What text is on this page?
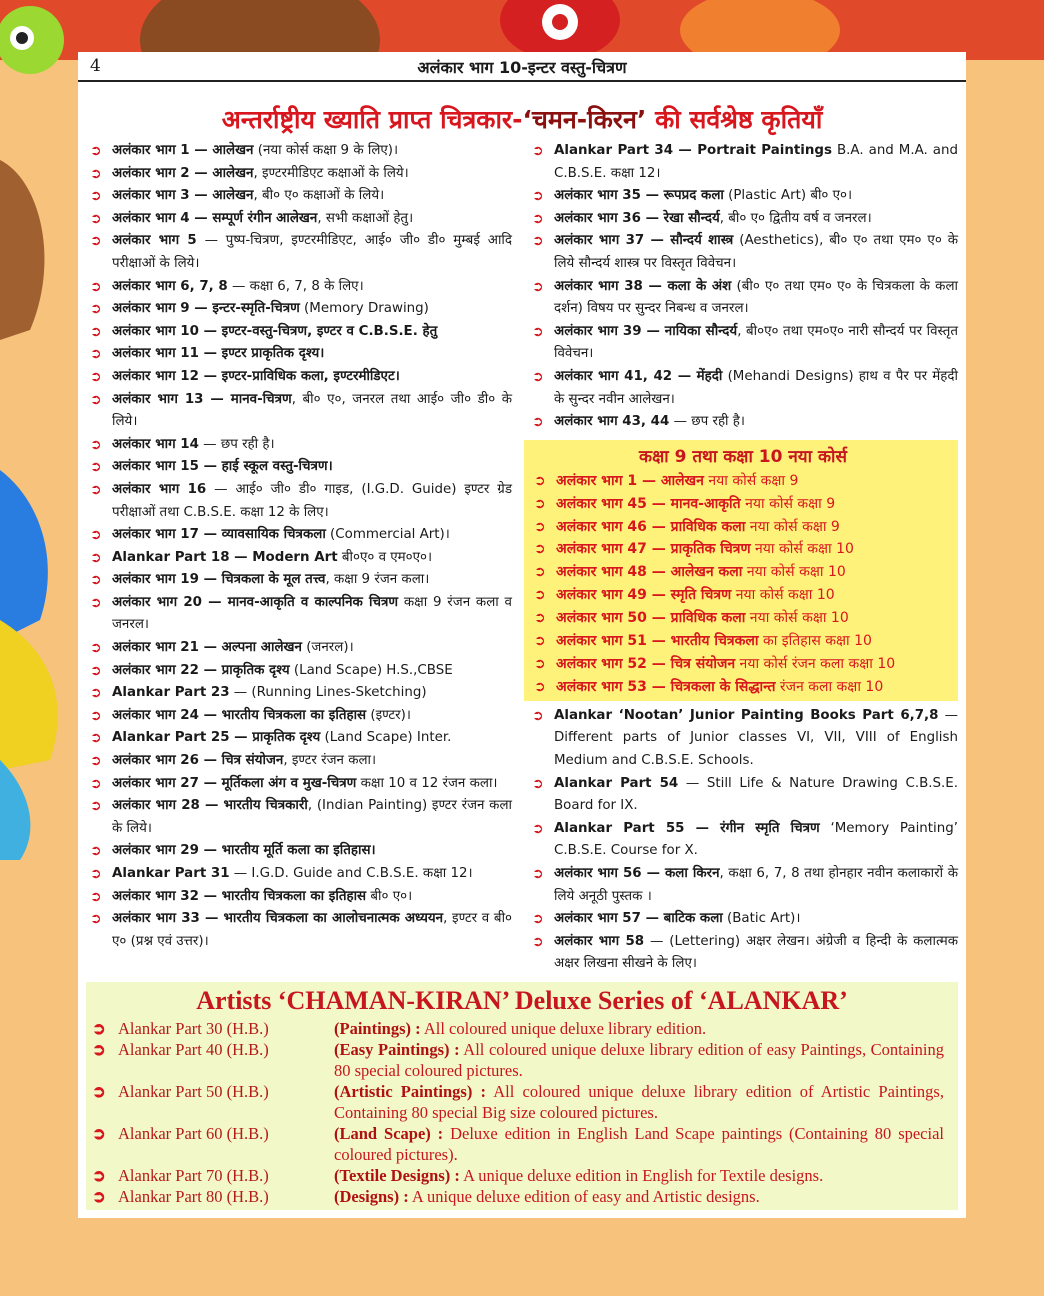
4	अलंकार भाग 10-इन्टर वस्तु-चित्रण
अन्तर्राष्ट्रीय ख्याति प्राप्त चित्रकार-‘चमन-किरन’ की सर्वश्रेष्ठ कृतियाँ
➲ अलंकार भाग 1 — आलेखन (नया कोर्स कक्षा 9 के लिए)।
➲ अलंकार भाग 2 — आलेखन, इण्टरमीडिएट कक्षाओं के लिये।
➲ अलंकार भाग 3 — आलेखन, बी० ए० कक्षाओं के लिये।
➲ अलंकार भाग 4 — सम्पूर्ण रंगीन आलेखन, सभी कक्षाओं हेतु।
➲ अलंकार भाग 5 — पुष्प-चित्रण, इण्टरमीडिएट, आई० जी० डी० मुम्बई आदि परीक्षाओं के लिये।
➲ अलंकार भाग 6, 7, 8 — कक्षा 6, 7, 8 के लिए।
➲ अलंकार भाग 9 — इन्टर-स्मृति-चित्रण (Memory Drawing)
➲ अलंकार भाग 10 — इण्टर-वस्तु-चित्रण, इण्टर व C.B.S.E. हेतु
➲ अलंकार भाग 11 — इण्टर प्राकृतिक दृश्य।
➲ अलंकार भाग 12 — इण्टर-प्राविधिक कला, इण्टरमीडिएट।
➲ अलंकार भाग 13 — मानव-चित्रण, बी० ए०, जनरल तथा आई० जी० डी० के लिये।
➲ अलंकार भाग 14 — छप रही है।
➲ अलंकार भाग 15 — हाई स्कूल वस्तु-चित्रण।
➲ अलंकार भाग 16 — आई० जी० डी० गाइड, (I.G.D. Guide) इण्टर ग्रेड परीक्षाओं तथा C.B.S.E. कक्षा 12 के लिए।
➲ अलंकार भाग 17 — व्यावसायिक चित्रकला (Commercial Art)।
➲ Alankar Part 18 — Modern Art बी०ए० व एम०ए०।
➲ अलंकार भाग 19 — चित्रकला के मूल तत्त्व, कक्षा 9 रंजन कला।
➲ अलंकार भाग 20 — मानव-आकृति व काल्पनिक चित्रण कक्षा 9 रंजन कला व जनरल।
➲ अलंकार भाग 21 — अल्पना आलेखन (जनरल)।
➲ अलंकार भाग 22 — प्राकृतिक दृश्य (Land Scape) H.S.,CBSE
➲ Alankar Part 23 — (Running Lines-Sketching)
➲ अलंकार भाग 24 — भारतीय चित्रकला का इतिहास (इण्टर)।
➲ Alankar Part 25 — प्राकृतिक दृश्य (Land Scape) Inter.
➲ अलंकार भाग 26 — चित्र संयोजन, इण्टर रंजन कला।
➲ अलंकार भाग 27 — मूर्तिकला अंग व मुख-चित्रण कक्षा 10 व 12 रंजन कला।
➲ अलंकार भाग 28 — भारतीय चित्रकारी, (Indian Painting) इण्टर रंजन कला के लिये।
➲ अलंकार भाग 29 — भारतीय मूर्ति कला का इतिहास।
➲ Alankar Part 31 — I.G.D. Guide and C.B.S.E. कक्षा 12।
➲ अलंकार भाग 32 — भारतीय चित्रकला का इतिहास बी० ए०।
➲ अलंकार भाग 33 — भारतीय चित्रकला का आलोचनात्मक अध्ययन, इण्टर व बी० ए० (प्रश्न एवं उत्तर)।
➲ Alankar Part 34 — Portrait Paintings B.A. and M.A. and C.B.S.E. कक्षा 12।
➲ अलंकार भाग 35 — रूपप्रद कला (Plastic Art) बी० ए०।
➲ अलंकार भाग 36 — रेखा सौन्दर्य, बी० ए० द्वितीय वर्ष व जनरल।
➲ अलंकार भाग 37 — सौन्दर्य शास्त्र (Aesthetics), बी० ए० तथा एम० ए० के लिये सौन्दर्य शास्त्र पर विस्तृत विवेचन।
➲ अलंकार भाग 38 — कला के अंश (बी० ए० तथा एम० ए० के चित्रकला के कला दर्शन) विषय पर सुन्दर निबन्ध व जनरल।
➲ अलंकार भाग 39 — नायिका सौन्दर्य, बी०ए० तथा एम०ए० नारी सौन्दर्य पर विस्तृत विवेचन।
➲ अलंकार भाग 41, 42 — मेंहदी (Mehandi Designs) हाथ व पैर पर मेंहदी के सुन्दर नवीन आलेखन।
➲ अलंकार भाग 43, 44 — छप रही है।
कक्षा 9 तथा कक्षा 10 नया कोर्स
➲ अलंकार भाग 1 — आलेखन नया कोर्स कक्षा 9
➲ अलंकार भाग 45 — मानव-आकृति नया कोर्स कक्षा 9
➲ अलंकार भाग 46 — प्राविधिक कला नया कोर्स कक्षा 9
➲ अलंकार भाग 47 — प्राकृतिक चित्रण नया कोर्स कक्षा 10
➲ अलंकार भाग 48 — आलेखन कला नया कोर्स कक्षा 10
➲ अलंकार भाग 49 — स्मृति चित्रण नया कोर्स कक्षा 10
➲ अलंकार भाग 50 — प्राविधिक कला नया कोर्स कक्षा 10
➲ अलंकार भाग 51 — भारतीय चित्रकला का इतिहास कक्षा 10
➲ अलंकार भाग 52 — चित्र संयोजन नया कोर्स रंजन कला कक्षा 10
➲ अलंकार भाग 53 — चित्रकला के सिद्धान्त रंजन कला कक्षा 10
➲ Alankar ‘Nootan’ Junior Painting Books Part 6,7,8 — Different parts of Junior classes VI, VII, VIII of English Medium and C.B.S.E. Schools.
➲ Alankar Part 54 — Still Life & Nature Drawing C.B.S.E. Board for IX.
➲ Alankar Part 55 — रंगीन स्मृति चित्रण ‘Memory Painting’ C.B.S.E. Course for X.
➲ अलंकार भाग 56 — कला किरन, कक्षा 6, 7, 8 तथा होनहार नवीन कलाकारों के लिये अनूठी पुस्तक ।
➲ अलंकार भाग 57 — बाटिक कला (Batic Art)।
➲ अलंकार भाग 58 — (Lettering) अक्षर लेखन। अंग्रेजी व हिन्दी के कलात्मक अक्षर लिखना सीखने के लिए।
Artists ‘CHAMAN-KIRAN’ Deluxe Series of ‘ALANKAR’
➲ Alankar Part 30 (H.B.)	(Paintings) : All coloured unique deluxe library edition.
➲ Alankar Part 40 (H.B.)	(Easy Paintings) : All coloured unique deluxe library edition of easy Paintings, Containing 80 special coloured pictures.
➲ Alankar Part 50 (H.B.)	(Artistic Paintings) : All coloured unique deluxe library edition of Artistic Paintings, Containing 80 special Big size coloured pictures.
➲ Alankar Part 60 (H.B.)	(Land Scape) : Deluxe edition in English Land Scape paintings (Containing 80 special coloured pictures).
➲ Alankar Part 70 (H.B.)	(Textile Designs) : A unique deluxe edition in English for Textile designs.
➲ Alankar Part 80 (H.B.)	(Designs) : A unique deluxe edition of easy and Artistic designs.
